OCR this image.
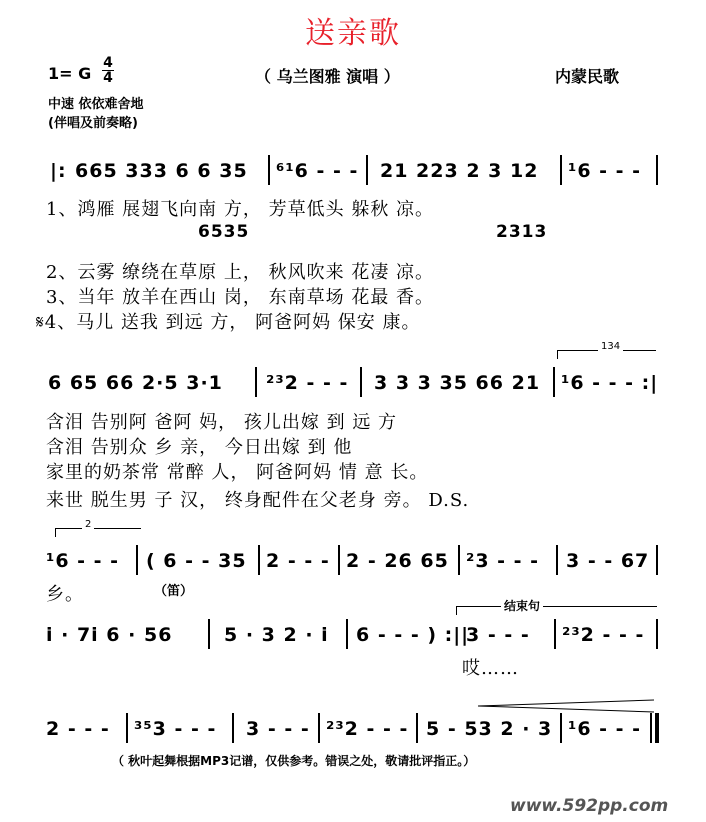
送亲歌
1= G
4
4	（ 乌兰图雅 演唱 ）	内蒙民歌
中速 依依难舍地
(伴唱及前奏略)
|: 665 333 6 6 35 ⁶¹6 - - - 21 223 2 3 12 ¹6 - - -
1、鸿雁 展翅飞向南 方， 芳草低头 躲秋 凉。
6535	2313
2、云雾 缭绕在草原 上， 秋风吹来 花凄 凉。
3、当年 放羊在西山 岗， 东南草场 花最 香。
𝄋4、马儿 送我 到远 方， 阿爸阿妈 保安 康。
134
6 65 66 2·5 3·1 ²³2 - - - 3 3 3 35 66 21 ¹6 - - - :|
含泪 告别阿 爸阿 妈， 孩儿出嫁 到 远 方
含泪 告别众 乡 亲， 今日出嫁 到 他
家里的奶茶常 常醉 人， 阿爸阿妈 情 意 长。
来世 脱生男 子 汉， 终身配件在父老身 旁。 D.S.
2
¹6 - - - ( 6 - - 35 2 - - - 2 - 26 65 ²3 - - - 3 - - 67
乡。	（笛）
结束句
i · 7i 6 · 56	5 · 3 2 · i 6 - - - ) :||
3 - - - ²³2 - - -
哎……
2 - - - ³⁵3 - - - 3 - - - ²³2 - - - 5 - 53 2 · 3 ¹6 - - -
（ 秋叶起舞根据MP3记谱，仅供参考。错误之处，敬请批评指正。）
www.592pp.com
